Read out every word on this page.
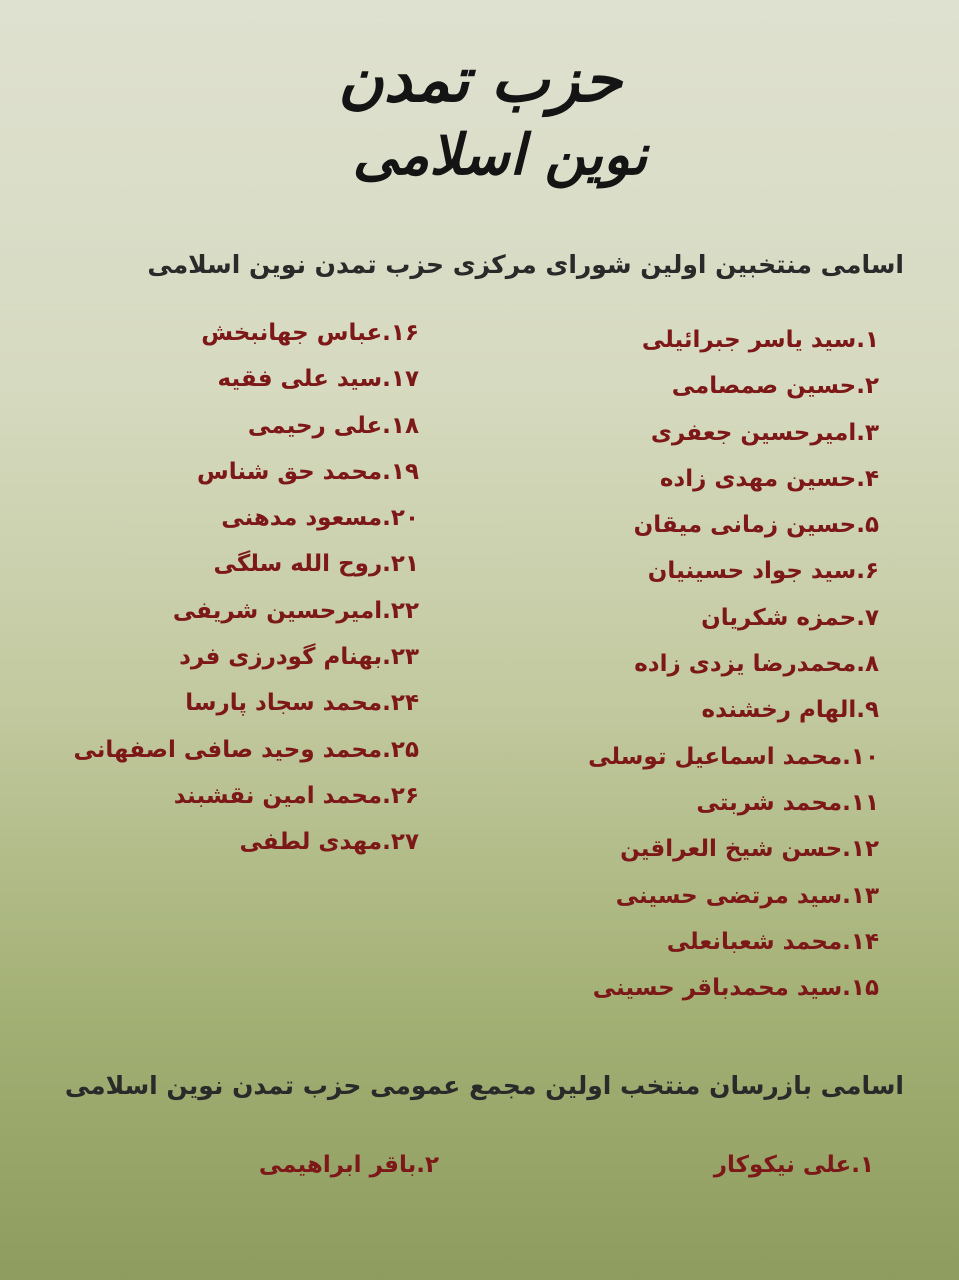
حزب تمدن
نوین اسلامی
اسامی منتخبین اولین شورای مرکزی حزب تمدن نوین اسلامی
۱.سید یاسر جبرائیلی
۲.حسین صمصامی
۳.امیرحسین جعفری
۴.حسین مهدی زاده
۵.حسین زمانی میقان
۶.سید جواد حسینیان
۷.حمزه شکریان
۸.محمدرضا یزدی زاده
۹.الهام رخشنده
۱۰.محمد اسماعیل توسلی
۱۱.محمد شربتی
۱۲.حسن شیخ العراقین
۱۳.سید مرتضی حسینی
۱۴.محمد شعبانعلی
۱۵.سید محمدباقر حسینی
۱۶.عباس جهانبخش
۱۷.سید علی فقیه
۱۸.علی رحیمی
۱۹.محمد حق شناس
۲۰.مسعود مدهنی
۲۱.روح الله سلگی
۲۲.امیرحسین شریفی
۲۳.بهنام گودرزی فرد
۲۴.محمد سجاد پارسا
۲۵.محمد وحید صافی اصفهانی
۲۶.محمد امین نقشبند
۲۷.مهدی لطفی
اسامی بازرسان منتخب اولین مجمع عمومی حزب تمدن نوین اسلامی
۱.علی نیکوکار
۲.باقر ابراهیمی
